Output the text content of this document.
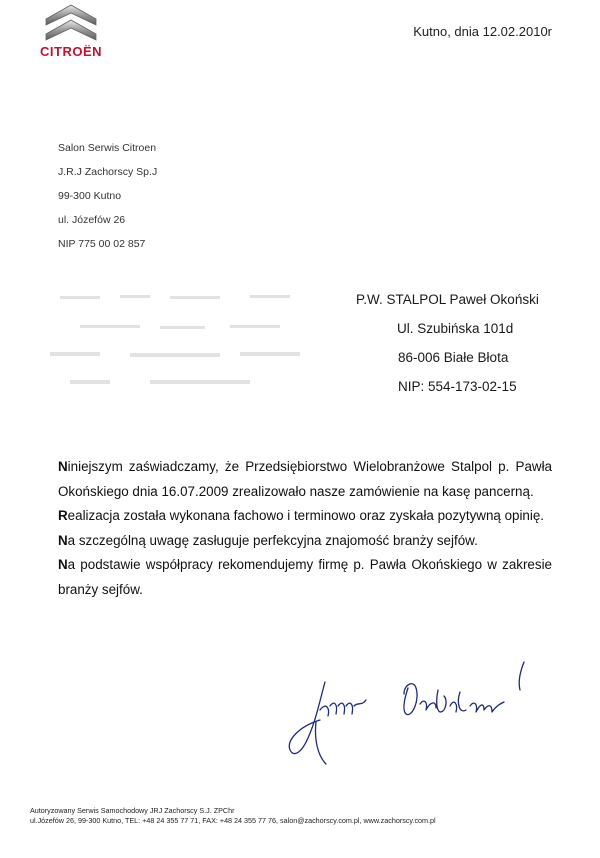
CITROËN
Kutno, dnia 12.02.2010r
Salon Serwis Citroen
J.R.J Zachorscy Sp.J
99-300 Kutno
ul. Józefów 26
NIP 775 00 02 857
P.W. STALPOL Paweł Okoński
Ul. Szubińska 101d
86-006 Białe Błota
NIP: 554-173-02-15

Niniejszym zaświadczamy, że Przedsiębiorstwo Wielobranżowe Stalpol p. Pawła Okońskiego dnia 16.07.2009 zrealizowało nasze zamówienie na kasę pancerną.

Realizacja została wykonana fachowo i terminowo oraz zyskała pozytywną opinię.

Na szczególną uwagę zasługuje perfekcyjna znajomość branży sejfów.

Na podstawie współpracy rekomendujemy firmę p. Pawła Okońskiego w zakresie branży sejfów.

Autoryzowany Serwis Samochodowy JRJ Zachorscy S.J. ZPChr
ul.Józefów 26, 99-300 Kutno, TEL: +48 24 355 77 71, FAX: +48 24 355 77 76, salon@zachorscy.com.pl, www.zachorscy.com.pl
